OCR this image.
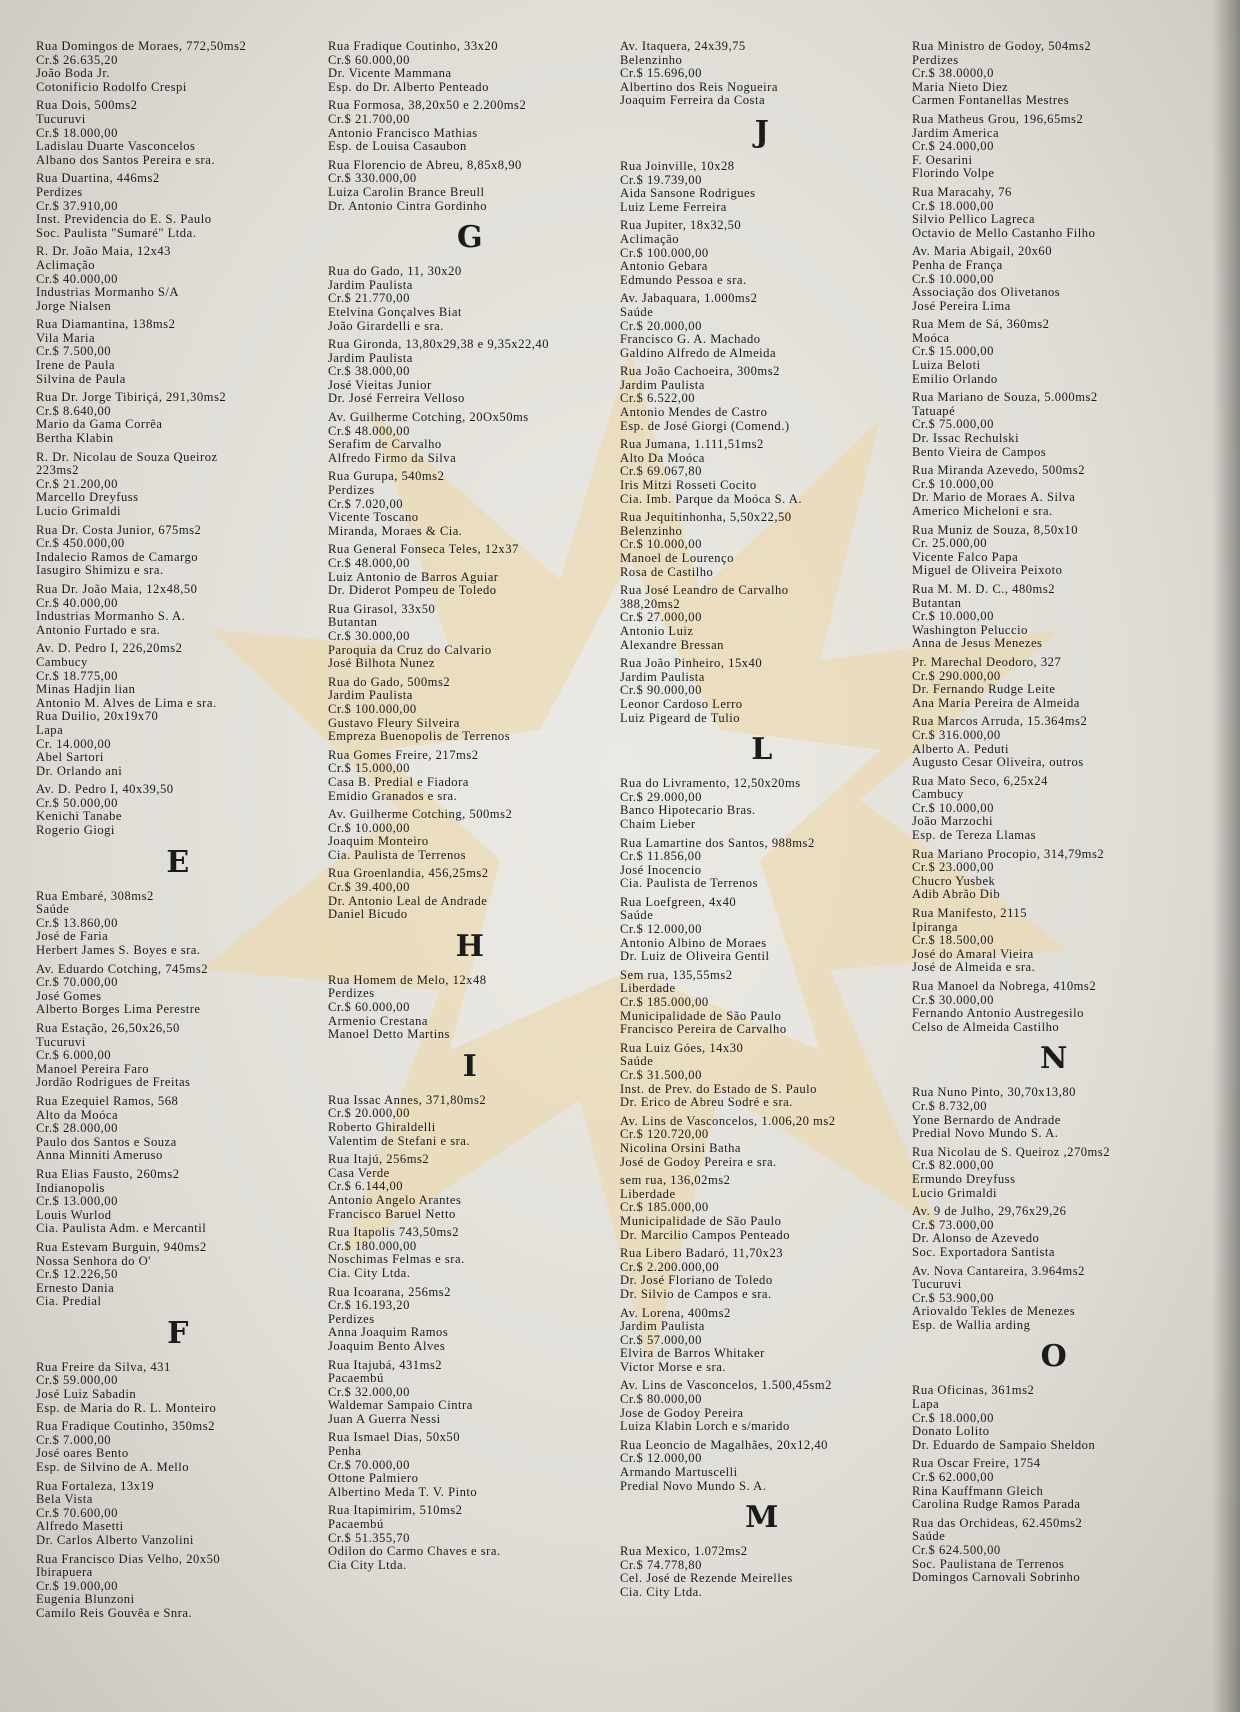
Rua Domingos de Moraes, 772,50ms2
Cr.$ 26.635,20
João Boda Jr.
Cotonificio Rodolfo Crespi
Rua Dois, 500ms2
Tucuruvi
Cr.$ 18.000,00
Ladislau Duarte Vasconcelos
Albano dos Santos Pereira e sra.
Rua Duartina, 446ms2
Perdizes
Cr.$ 37.910,00
Inst. Previdencia do E. S. Paulo
Soc. Paulista "Sumaré" Ltda.
R. Dr. João Maia, 12x43
Aclimação
Cr.$ 40.000,00
Industrias Mormanho S/A
Jorge Nialsen
Rua Diamantina, 138ms2
Vila Maria
Cr.$ 7.500,00
Irene de Paula
Silvina de Paula
Rua Dr. Jorge Tibiriçá, 291,30ms2
Cr.$ 8.640,00
Mario da Gama Corrêa
Bertha Klabin
R. Dr. Nicolau de Souza Queiroz
223ms2
Cr.$ 21.200,00
Marcello Dreyfuss
Lucio Grimaldi
Rua Dr. Costa Junior, 675ms2
Cr.$ 450.000,00
Indalecio Ramos de Camargo
Iasugiro Shimizu e sra.
Rua Dr. João Maia, 12x48,50
Cr.$ 40.000,00
Industrias Mormanho S. A.
Antonio Furtado e sra.
Av. D. Pedro I, 226,20ms2
Cambucy
Cr.$ 18.775,00
Minas Hadjin lian
Antonio M. Alves de Lima e sra.
Rua Duilio, 20x19x70
Lapa
Cr. 14.000,00
Abel Sartori
Dr. Orlando ani
Av. D. Pedro I, 40x39,50
Cr.$ 50.000,00
Kenichi Tanabe
Rogerio Giogi
E
Rua Embaré, 308ms2
Saúde
Cr.$ 13.860,00
José de Faria
Herbert James S. Boyes e sra.
Av. Eduardo Cotching, 745ms2
Cr.$ 70.000,00
José Gomes
Alberto Borges Lima Perestre
Rua Estação, 26,50x26,50
Tucuruvi
Cr.$ 6.000,00
Manoel Pereira Faro
Jordão Rodrigues de Freitas
Rua Ezequiel Ramos, 568
Alto da Moóca
Cr.$ 28.000,00
Paulo dos Santos e Souza
Anna Minniti Ameruso
Rua Elias Fausto, 260ms2
Indianopolis
Cr.$ 13.000,00
Louis Wurlod
Cia. Paulista Adm. e Mercantil
Rua Estevam Burguin, 940ms2
Nossa Senhora do O'
Cr.$ 12.226,50
Ernesto Dania
Cia. Predial
F
Rua Freire da Silva, 431
Cr.$ 59.000,00
José Luiz Sabadin
Esp. de Maria do R. L. Monteiro
Rua Fradique Coutinho, 350ms2
Cr.$ 7.000,00
José oares Bento
Esp. de Silvino de A. Mello
Rua Fortaleza, 13x19
Bela Vista
Cr.$ 70.600,00
Alfredo Masetti
Dr. Carlos Alberto Vanzolini
Rua Francisco Dias Velho, 20x50
Ibirapuera
Cr.$ 19.000,00
Eugenia Blunzoni
Camilo Reis Gouvêa e Snra.
Rua Fradique Coutinho, 33x20
Cr.$ 60.000,00
Dr. Vicente Mammana
Esp. do Dr. Alberto Penteado
Rua Formosa, 38,20x50 e 2.200ms2
Cr.$ 21.700,00
Antonio Francisco Mathias
Esp. de Louisa Casaubon
Rua Florencio de Abreu, 8,85x8,90
Cr.$ 330.000,00
Luiza Carolin Brance Breull
Dr. Antonio Cintra Gordinho
G
Rua do Gado, 11, 30x20
Jardim Paulista
Cr.$ 21.770,00
Etelvina Gonçalves Biat
João Girardelli e sra.
Rua Gironda, 13,80x29,38 e 9,35x22,40
Jardim Paulista
Cr.$ 38.000,00
José Vieitas Junior
Dr. José Ferreira Velloso
Av. Guilherme Cotching, 20Ox50ms
Cr.$ 48.000,00
Serafim de Carvalho
Alfredo Firmo da Silva
Rua Gurupa, 540ms2
Perdizes
Cr.$ 7.020,00
Vicente Toscano
Miranda, Moraes & Cia.
Rua General Fonseca Teles, 12x37
Cr.$ 48.000,00
Luiz Antonio de Barros Aguiar
Dr. Diderot Pompeu de Toledo
Rua Girasol, 33x50
Butantan
Cr.$ 30.000,00
Paroquia da Cruz do Calvario
José Bilhota Nunez
Rua do Gado, 500ms2
Jardim Paulista
Cr.$ 100.000,00
Gustavo Fleury Silveira
Empreza Buenopolis de Terrenos
Rua Gomes Freire, 217ms2
Cr.$ 15.000,00
Casa B. Predial e Fiadora
Emidio Granados e sra.
Av. Guilherme Cotching, 500ms2
Cr.$ 10.000,00
Joaquim Monteiro
Cia. Paulista de Terrenos
Rua Groenlandia, 456,25ms2
Cr.$ 39.400,00
Dr. Antonio Leal de Andrade
Daniel Bicudo
H
Rua Homem de Melo, 12x48
Perdizes
Cr.$ 60.000,00
Armenio Crestana
Manoel Detto Martins
I
Rua Issac Annes, 371,80ms2
Cr.$ 20.000,00
Roberto Ghiraldelli
Valentim de Stefani e sra.
Rua Itajú, 256ms2
Casa Verde
Cr.$ 6.144,00
Antonio Angelo Arantes
Francisco Baruel Netto
Rua Itapolis 743,50ms2
Cr.$ 180.000,00
Noschimas Felmas e sra.
Cia. City Ltda.
Rua Icoarana, 256ms2
Cr.$ 16.193,20
Perdizes
Anna Joaquim Ramos
Joaquim Bento Alves
Rua Itajubá, 431ms2
Pacaembú
Cr.$ 32.000,00
Waldemar Sampaio Cintra
Juan A Guerra Nessi
Rua Ismael Dias, 50x50
Penha
Cr.$ 70.000,00
Ottone Palmiero
Albertino Meda T. V. Pinto
Rua Itapimirim, 510ms2
Pacaembú
Cr.$ 51.355,70
Odilon do Carmo Chaves e sra.
Cia City Ltda.
Av. Itaquera, 24x39,75
Belenzinho
Cr.$ 15.696,00
Albertino dos Reis Nogueira
Joaquim Ferreira da Costa
J
Rua Joinville, 10x28
Cr.$ 19.739,00
Aida Sansone Rodrigues
Luiz Leme Ferreira
Rua Jupiter, 18x32,50
Aclimação
Cr.$ 100.000,00
Antonio Gebara
Edmundo Pessoa e sra.
Av. Jabaquara, 1.000ms2
Saúde
Cr.$ 20.000,00
Francisco G. A. Machado
Galdino Alfredo de Almeida
Rua João Cachoeira, 300ms2
Jardim Paulista
Cr.$ 6.522,00
Antonio Mendes de Castro
Esp. de José Giorgi (Comend.)
Rua Jumana, 1.111,51ms2
Alto Da Moóca
Cr.$ 69.067,80
Iris Mitzi Rosseti Cocito
Cia. Imb. Parque da Moóca S. A.
Rua Jequitinhonha, 5,50x22,50
Belenzinho
Cr.$ 10.000,00
Manoel de Lourenço
Rosa de Castilho
Rua José Leandro de Carvalho
388,20ms2
Cr.$ 27.000,00
Antonio Luiz
Alexandre Bressan
Rua João Pinheiro, 15x40
Jardim Paulista
Cr.$ 90.000,00
Leonor Cardoso Lerro
Luiz Pigeard de Tulio
L
Rua do Livramento, 12,50x20ms
Cr.$ 29.000,00
Banco Hipotecario Bras.
Chaim Lieber
Rua Lamartine dos Santos, 988ms2
Cr.$ 11.856,00
José Inocencio
Cia. Paulista de Terrenos
Rua Loefgreen, 4x40
Saúde
Cr.$ 12.000,00
Antonio Albino de Moraes
Dr. Luiz de Oliveira Gentil
Sem rua, 135,55ms2
Liberdade
Cr.$ 185.000,00
Municipalidade de São Paulo
Francisco Pereira de Carvalho
Rua Luiz Góes, 14x30
Saúde
Cr.$ 31.500,00
Inst. de Prev. do Estado de S. Paulo
Dr. Erico de Abreu Sodré e sra.
Av. Lins de Vasconcelos, 1.006,20 ms2
Cr.$ 120.720,00
Nicolina Orsini Batha
José de Godoy Pereira e sra.
sem rua, 136,02ms2
Liberdade
Cr.$ 185.000,00
Municipalidade de São Paulo
Dr. Marcilio Campos Penteado
Rua Libero Badaró, 11,70x23
Cr.$ 2.200.000,00
Dr. José Floriano de Toledo
Dr. Silvio de Campos e sra.
Av. Lorena, 400ms2
Jardim Paulista
Cr.$ 57.000,00
Elvira de Barros Whitaker
Victor Morse e sra.
Av. Lins de Vasconcelos, 1.500,45sm2
Cr.$ 80.000,00
Jose de Godoy Pereira
Luiza Klabin Lorch e s/marido
Rua Leoncio de Magalhães, 20x12,40
Cr.$ 12.000,00
Armando Martuscelli
Predial Novo Mundo S. A.
M
Rua Mexico, 1.072ms2
Cr.$ 74.778,80
Cel. José de Rezende Meirelles
Cia. City Ltda.
Rua Ministro de Godoy, 504ms2
Perdizes
Cr.$ 38.0000,0
Maria Nieto Diez
Carmen Fontanellas Mestres
Rua Matheus Grou, 196,65ms2
Jardim America
Cr.$ 24.000,00
F. Oesarini
Florindo Volpe
Rua Maracahy, 76
Cr.$ 18.000,00
Silvio Pellico Lagreca
Octavio de Mello Castanho Filho
Av. Maria Abigail, 20x60
Penha de França
Cr.$ 10.000,00
Associação dos Olivetanos
José Pereira Lima
Rua Mem de Sá, 360ms2
Moóca
Cr.$ 15.000,00
Luiza Beloti
Emilio Orlando
Rua Mariano de Souza, 5.000ms2
Tatuapé
Cr.$ 75.000,00
Dr. Issac Rechulski
Bento Vieira de Campos
Rua Miranda Azevedo, 500ms2
Cr.$ 10.000,00
Dr. Mario de Moraes A. Silva
Americo Micheloni e sra.
Rua Muniz de Souza, 8,50x10
Cr. 25.000,00
Vicente Falco Papa
Miguel de Oliveira Peixoto
Rua M. M. D. C., 480ms2
Butantan
Cr.$ 10.000,00
Washington Peluccio
Anna de Jesus Menezes
Pr. Marechal Deodoro, 327
Cr.$ 290.000,00
Dr. Fernando Rudge Leite
Ana Maria Pereira de Almeida
Rua Marcos Arruda, 15.364ms2
Cr.$ 316.000,00
Alberto A. Peduti
Augusto Cesar Oliveira, outros
Rua Mato Seco, 6,25x24
Cambucy
Cr.$ 10.000,00
João Marzochi
Esp. de Tereza Llamas
Rua Mariano Procopio, 314,79ms2
Cr.$ 23.000,00
Chucro Yusbek
Adib Abrão Dib
Rua Manifesto, 2115
Ipiranga
Cr.$ 18.500,00
José do Amaral Vieira
José de Almeida e sra.
Rua Manoel da Nobrega, 410ms2
Cr.$ 30.000,00
Fernando Antonio Austregesilo
Celso de Almeida Castilho
N
Rua Nuno Pinto, 30,70x13,80
Cr.$ 8.732,00
Yone Bernardo de Andrade
Predial Novo Mundo S. A.
Rua Nicolau de S. Queiroz ,270ms2
Cr.$ 82.000,00
Ermundo Dreyfuss
Lucio Grimaldi
Av. 9 de Julho, 29,76x29,26
Cr.$ 73.000,00
Dr. Alonso de Azevedo
Soc. Exportadora Santista
Av. Nova Cantareira, 3.964ms2
Tucuruvi
Cr.$ 53.900,00
Ariovaldo Tekles de Menezes
Esp. de Wallia arding
O
Rua Oficinas, 361ms2
Lapa
Cr.$ 18.000,00
Donato Lolito
Dr. Eduardo de Sampaio Sheldon
Rua Oscar Freire, 1754
Cr.$ 62.000,00
Rina Kauffmann Gleich
Carolina Rudge Ramos Parada
Rua das Orchideas, 62.450ms2
Saúde
Cr.$ 624.500,00
Soc. Paulistana de Terrenos
Domingos Carnovali Sobrinho
